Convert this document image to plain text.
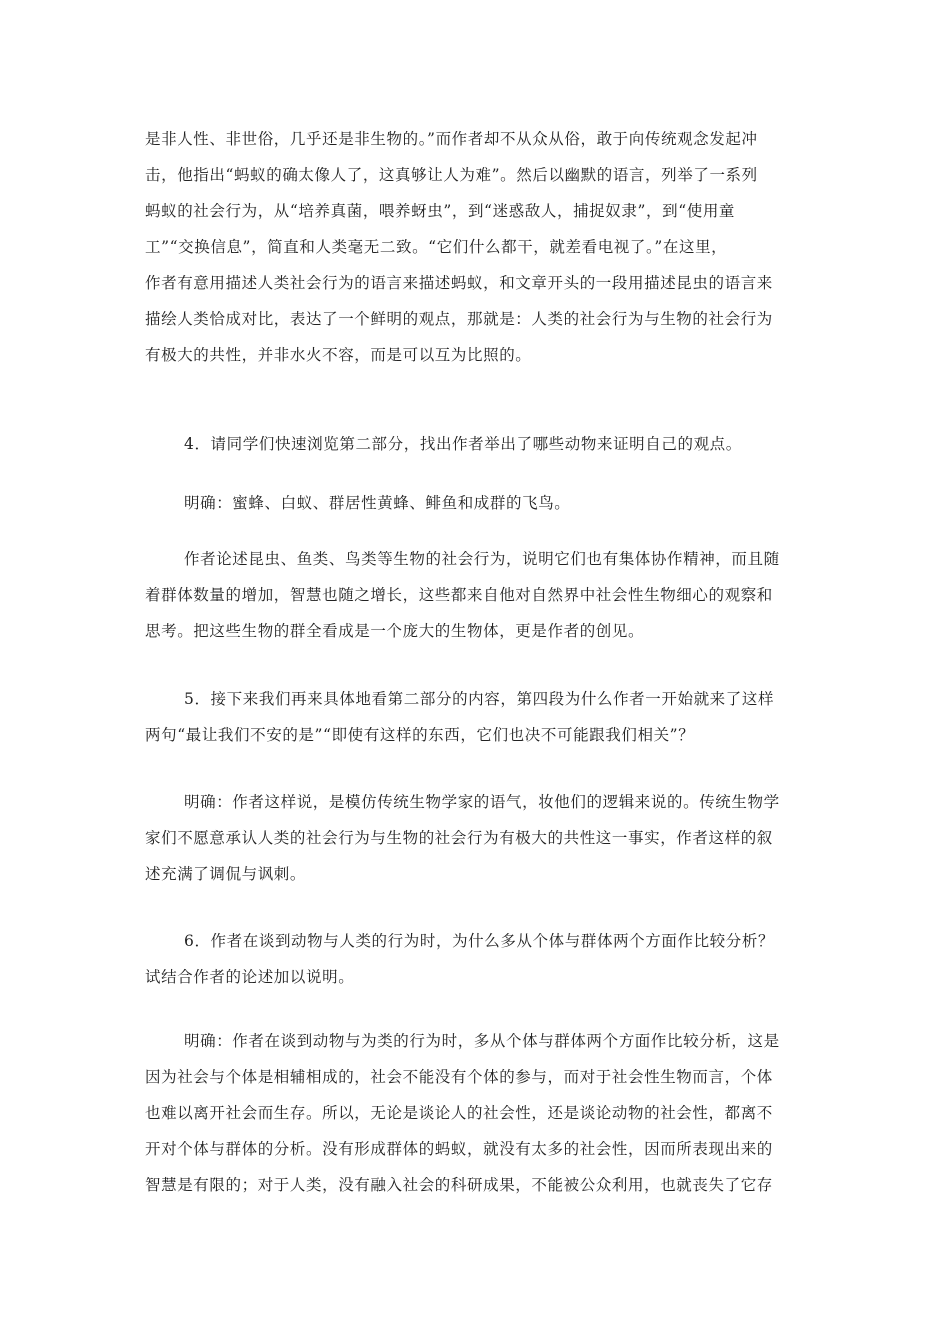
是非人性、非世俗，几乎还是非生物的。”而作者却不从众从俗，敢于向传统观念发起冲
击，他指出“蚂蚁的确太像人了，这真够让人为难”。然后以幽默的语言，列举了一系列
蚂蚁的社会行为，从“培养真菌，喂养蚜虫”，到“迷惑敌人，捕捉奴隶”，到“使用童
工”“交换信息”，简直和人类毫无二致。“它们什么都干，就差看电视了。”在这里，
作者有意用描述人类社会行为的语言来描述蚂蚁，和文章开头的一段用描述昆虫的语言来
描绘人类恰成对比，表达了一个鲜明的观点，那就是：人类的社会行为与生物的社会行为
有极大的共性，并非水火不容，而是可以互为比照的。
4．请同学们快速浏览第二部分，找出作者举出了哪些动物来证明自己的观点。
明确：蜜蜂、白蚁、群居性黄蜂、鲱鱼和成群的飞鸟。
作者论述昆虫、鱼类、鸟类等生物的社会行为，说明它们也有集体协作精神，而且随
着群体数量的增加，智慧也随之增长，这些都来自他对自然界中社会性生物细心的观察和
思考。把这些生物的群全看成是一个庞大的生物体，更是作者的创见。
5．接下来我们再来具体地看第二部分的内容，第四段为什么作者一开始就来了这样
两句“最让我们不安的是”“即使有这样的东西，它们也决不可能跟我们相关”？
明确：作者这样说，是模仿传统生物学家的语气，妆他们的逻辑来说的。传统生物学
家们不愿意承认人类的社会行为与生物的社会行为有极大的共性这一事实，作者这样的叙
述充满了调侃与讽刺。
6．作者在谈到动物与人类的行为时，为什么多从个体与群体两个方面作比较分析？
试结合作者的论述加以说明。
明确：作者在谈到动物与为类的行为时，多从个体与群体两个方面作比较分析，这是
因为社会与个体是相辅相成的，社会不能没有个体的参与，而对于社会性生物而言，个体
也难以离开社会而生存。所以，无论是谈论人的社会性，还是谈论动物的社会性，都离不
开对个体与群体的分析。没有形成群体的蚂蚁，就没有太多的社会性，因而所表现出来的
智慧是有限的；对于人类，没有融入社会的科研成果，不能被公众利用，也就丧失了它存
